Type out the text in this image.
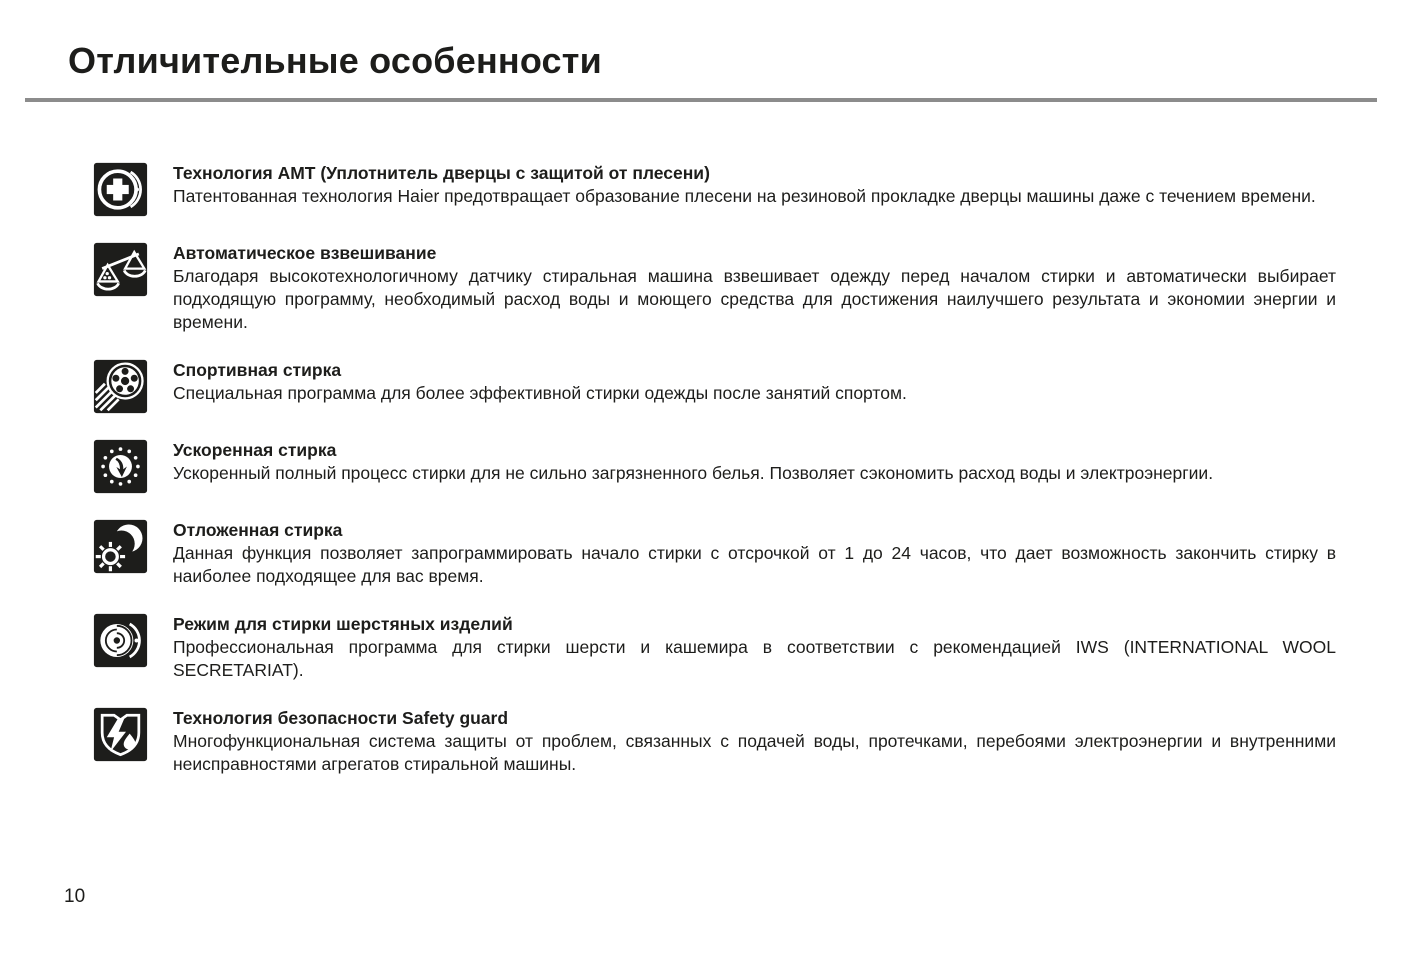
Отличительные особенности
Технология АМТ (Уплотнитель дверцы с защитой от плесени)

Патентованная технология Haier предотвращает образование плесени на резиновой прокладке дверцы машины даже с течением времени.

Автоматическое взвешивание

Благодаря высокотехнологичному датчику стиральная машина взвешивает одежду перед началом стирки и автоматически выбирает подходящую программу, необходимый расход воды и моющего средства для достижения наилучшего результата и экономии энергии и времени.

Спортивная стирка

Специальная программа для более эффективной стирки одежды после занятий спортом.

Ускоренная стирка

Ускоренный полный процесс стирки для не сильно загрязненного белья. Позволяет сэкономить расход воды и электроэнергии.

Отложенная стирка

Данная функция позволяет запрограммировать начало стирки с отсрочкой от 1 до 24 часов, что дает возможность закончить стирку в наиболее подходящее для вас время.

Режим для стирки шерстяных изделий

Профессиональная программа для стирки шерсти и кашемира в соответствии с рекомендацией IWS (INTERNATIONAL WOOL SECRETARIAT).

Технология безопасности Safety guard

Многофункциональная система защиты от проблем, связанных с подачей воды, протечками, перебоями электроэнергии и внутренними неисправностями агрегатов стиральной машины.

10
